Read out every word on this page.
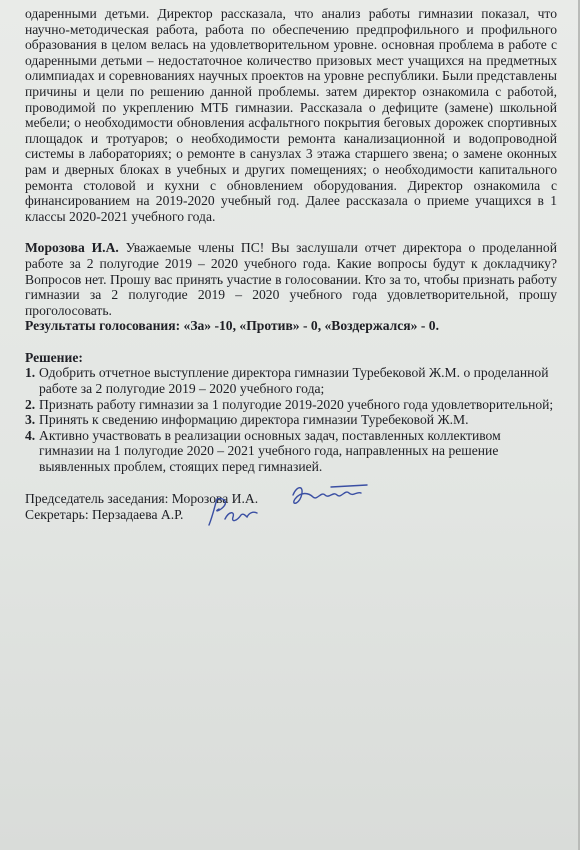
одаренными детьми. Директор рассказала, что анализ работы гимназии показал, что научно-методическая работа, работа по обеспечению предпрофильного и профильного образования в целом велась на удовлетворительном уровне. основная проблема в работе с одаренными детьми – недостаточное количество призовых мест учащихся на предметных олимпиадах и соревнованиях научных проектов на уровне республики. Были представлены причины и цели по решению данной проблемы. затем директор ознакомила с работой, проводимой по укреплению МТБ гимназии. Рассказала о дефиците (замене) школьной мебели; о необходимости обновления асфальтного покрытия беговых дорожек спортивных площадок и тротуаров; о необходимости ремонта канализационной и водопроводной системы в лабораториях; о ремонте в санузлах 3 этажа старшего звена; о замене оконных рам и дверных блоках в учебных и других помещениях; о необходимости капитального ремонта столовой и кухни с обновлением оборудования. Директор ознакомила с финансированием на 2019-2020 учебный год. Далее рассказала о приеме учащихся в 1 классы 2020-2021 учебного года.

Морозова И.А. Уважаемые члены ПС! Вы заслушали отчет директора о проделанной работе за 2 полугодие 2019 – 2020 учебного года. Какие вопросы будут к докладчику? Вопросов нет. Прошу вас принять участие в голосовании. Кто за то, чтобы признать работу гимназии за 2 полугодие 2019 – 2020 учебного года удовлетворительной, прошу проголосовать.

Результаты голосования: «За» -10, «Против» - 0, «Воздержался» - 0.

Решение:

1. Одобрить отчетное выступление директора гимназии Туребековой Ж.М. о проделанной работе за 2 полугодие 2019 – 2020 учебного года;
2. Признать работу гимназии за 1 полугодие 2019-2020 учебного года удовлетворительной;
3. Принять к сведению информацию директора гимназии Туребековой Ж.М.
4. Активно участвовать в реализации основных задач, поставленных коллективом гимназии на 1 полугодие 2020 – 2021 учебного года, направленных на решение выявленных проблем, стоящих перед гимназией.
Председатель заседания: Морозова И.А.
Секретарь: Перзадаева А.Р.
